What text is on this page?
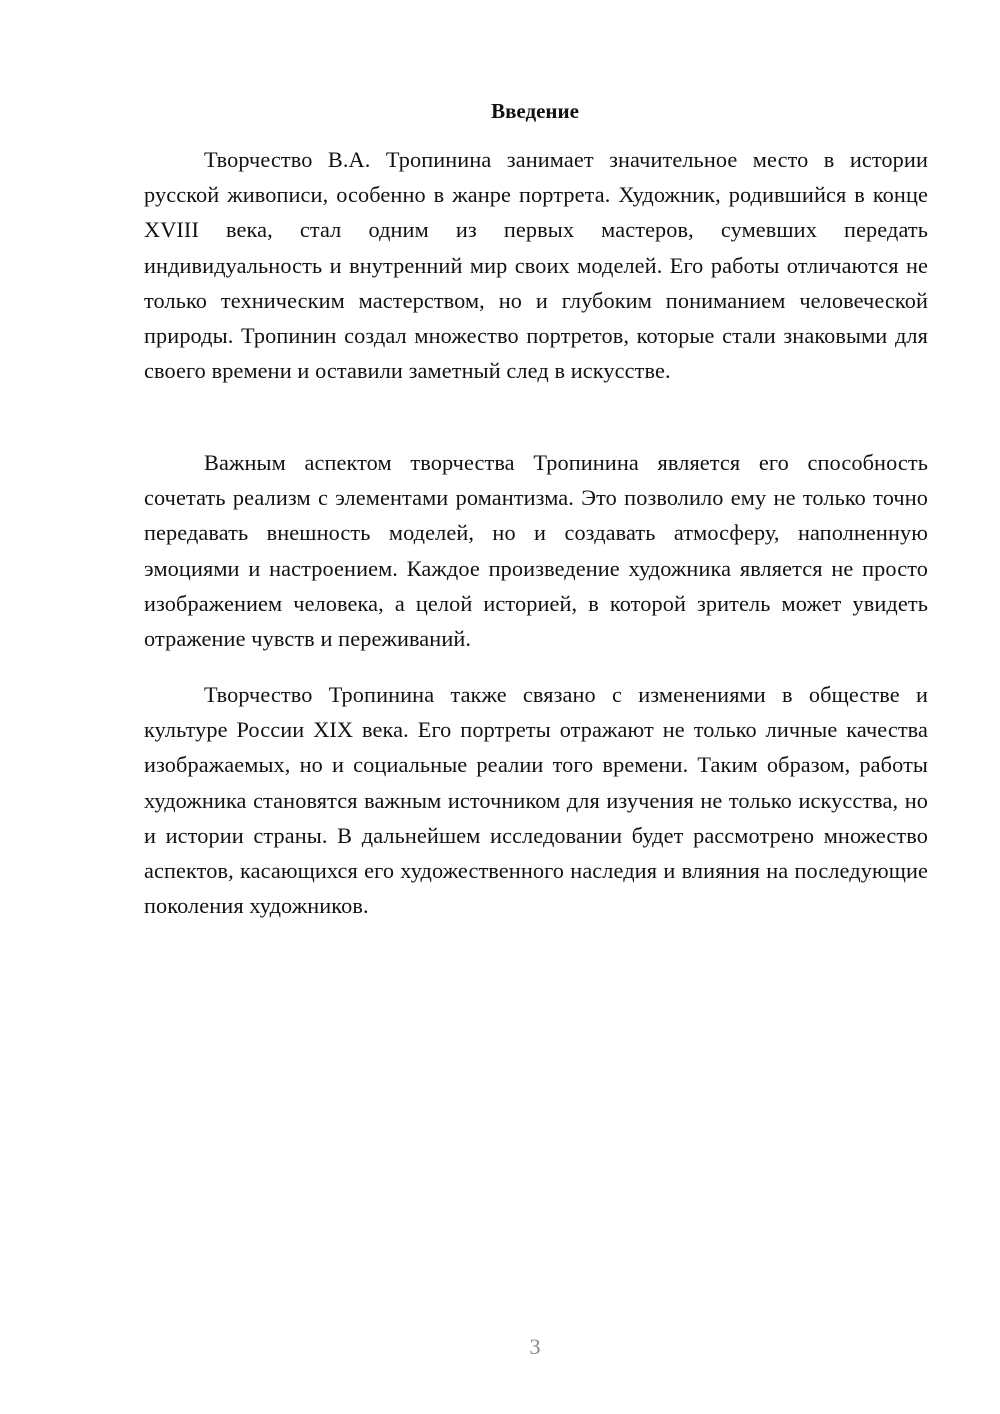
Введение

Творчество В.А. Тропинина занимает значительное место в истории русской живописи, особенно в жанре портрета. Художник, родившийся в конце XVIII века, стал одним из первых мастеров, сумевших передать индивидуальность и внутренний мир своих моделей. Его работы отличаются не только техническим мастерством, но и глубоким пониманием человеческой природы. Тропинин создал множество портретов, которые стали знаковыми для своего времени и оставили заметный след в искусстве.

Важным аспектом творчества Тропинина является его способность сочетать реализм с элементами романтизма. Это позволило ему не только точно передавать внешность моделей, но и создавать атмосферу, наполненную эмоциями и настроением. Каждое произведение художника является не просто изображением человека, а целой историей, в которой зритель может увидеть отражение чувств и переживаний.

Творчество Тропинина также связано с изменениями в обществе и культуре России XIX века. Его портреты отражают не только личные качества изображаемых, но и социальные реалии того времени. Таким образом, работы художника становятся важным источником для изучения не только искусства, но и истории страны. В дальнейшем исследовании будет рассмотрено множество аспектов, касающихся его художественного наследия и влияния на последующие поколения художников.

3
